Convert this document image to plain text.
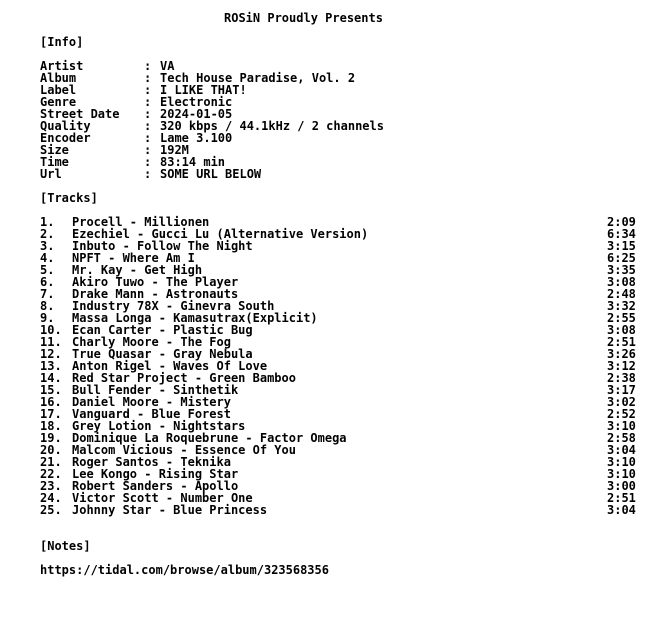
ROSiN Proudly Presents
[Info]
Artist	: VA
Album	: Tech House Paradise, Vol. 2
Label	: I LIKE THAT!
Genre	: Electronic
Street Date : 2024-01-05
Quality	: 320 kbps / 44.1kHz / 2 channels
Encoder	: Lame 3.100
Size	: 192M
Time	: 83:14 min
Url	: SOME URL BELOW
[Tracks]
1. Procell - Millionen	2:09
2. Ezechiel - Gucci Lu (Alternative Version)	6:34
3. Inbuto - Follow The Night	3:15
4. NPFT - Where Am I	6:25
5. Mr. Kay - Get High	3:35
6. Akiro Tuwo - The Player	3:08
7. Drake Mann - Astronauts	2:48
8. Industry 78X - Ginevra South	3:32
9. Massa Longa - Kamasutrax(Explicit)	2:55
10. Ecan Carter - Plastic Bug	3:08
11. Charly Moore - The Fog	2:51
12. True Quasar - Gray Nebula	3:26
13. Anton Rigel - Waves Of Love	3:12
14. Red Star Project - Green Bamboo	2:38
15. Bull Fender - Sinthetik	3:17
16. Daniel Moore - Mistery	3:02
17. Vanguard - Blue Forest	2:52
18. Grey Lotion - Nightstars	3:10
19. Dominique La Roquebrune - Factor Omega	2:58
20. Malcom Vicious - Essence Of You	3:04
21. Roger Santos - Teknika	3:10
22. Lee Kongo - Rising Star	3:10
23. Robert Sanders - Apollo	3:00
24. Victor Scott - Number One	2:51
25. Johnny Star - Blue Princess	3:04
[Notes]
https://tidal.com/browse/album/323568356
